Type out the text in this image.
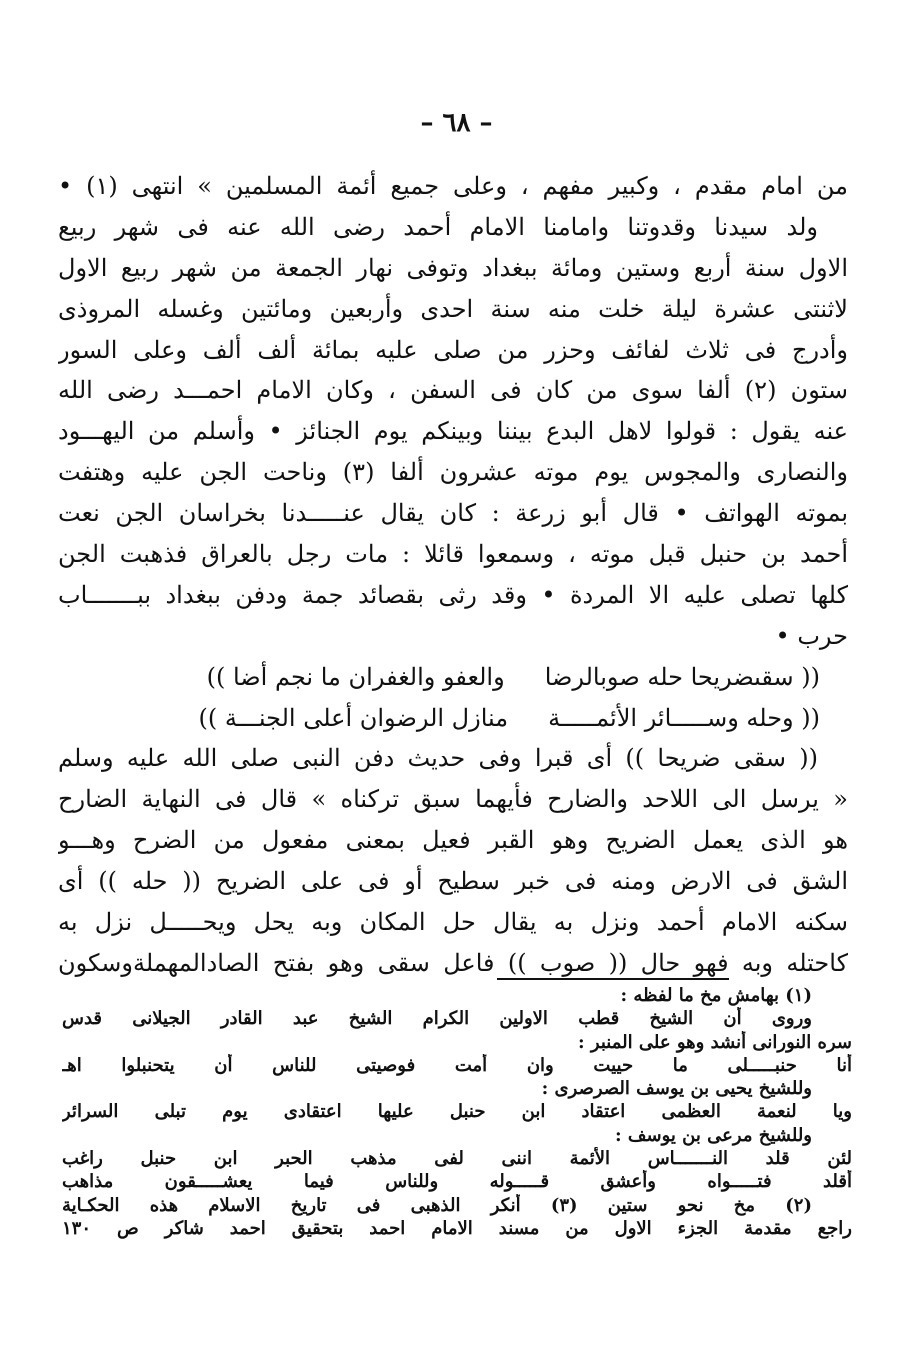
– ٦٨ –
من امام مقدم ، وكبير مفهم ، وعلى جميع أئمة المسلمين » انتهى (١) •
ولد سيدنا وقدوتنا وامامنا الامام أحمد رضى الله عنه فى شهر ربيع
الاول سنة أربع وستين ومائة ببغداد وتوفى نهار الجمعة من شهر ربيع الاول
لاثنتى عشرة ليلة خلت منه سنة احدى وأربعين ومائتين وغسله المروذى
وأدرج فى ثلاث لفائف وحزر من صلى عليه بمائة ألف ألف وعلى السور
ستون (٢) ألفا سوى من كان فى السفن ، وكان الامام احمـــد رضى الله
عنه يقول : قولوا لاهل البدع بيننا وبينكم يوم الجنائز • وأسلم من اليهـــود
والنصارى والمجوس يوم موته عشرون ألفا (٣) وناحت الجن عليه وهتفت
بموته الهواتف • قال أبو زرعة : كان يقال عنـــــدنا بخراسان الجن نعت
أحمد بن حنبل قبل موته ، وسمعوا قائلا : مات رجل بالعراق فذهبت الجن
كلها تصلى عليه الا المردة • وقد رثى بقصائد جمة ودفن ببغداد ببـــــــاب
حرب •
(( سقىضريحا حله صوبالرضا
والعفو والغفران ما نجم أضا ))
(( وحله وســـــائر الأئمـــــة
منازل الرضوان أعلى الجنـــة ))
(( سقى ضريحا )) أى قبرا وفى حديث دفن النبى صلى الله عليه وسلم
« يرسل الى اللاحد والضارح فأيهما سبق تركناه » قال فى النهاية الضارح
هو الذى يعمل الضريح وهو القبر فعيل بمعنى مفعول من الضرح وهـــو
الشق فى الارض ومنه فى خبر سطيح أو فى على الضريح (( حله )) أى
سكنه الامام أحمد ونزل به يقال حل المكان وبه يحل ويحـــــل نزل به
كاحتله وبه فهو حال (( صوب )) فاعل سقى وهو بفتح الصادالمهملةوسكون
(١) بهامش مخ ما لفظه :
وروى أن الشيخ قطب الاولين الكرام الشيخ عبد القادر الجيلانى قدس
سره النورانى أنشد وهو على المنبر :
أنا حنبـــــلى ما حييت وان أمت فوصيتى للناس أن يتحنبلوا اهـ
وللشيخ يحيى بن يوسف الصرصرى :
ويا لنعمة العظمى اعتقاد ابن حنبل عليها اعتقادى يوم تبلى السرائر
وللشيخ مرعى بن يوسف :
لئن قلد النـــــــاس الأئمة اننى لفى مذهب الحبر ابن حنبل راغب
أقلد فتـــــواه وأعشق قـــــوله وللناس فيما يعشـــــقون مذاهب
(٢) مخ نحو ستين (٣) أنكر الذهبى فى تاريخ الاسلام هذه الحكـاية
راجع مقدمة الجزء الاول من مسند الامام احمد بتحقيق احمد شاكر ص ١٣٠
